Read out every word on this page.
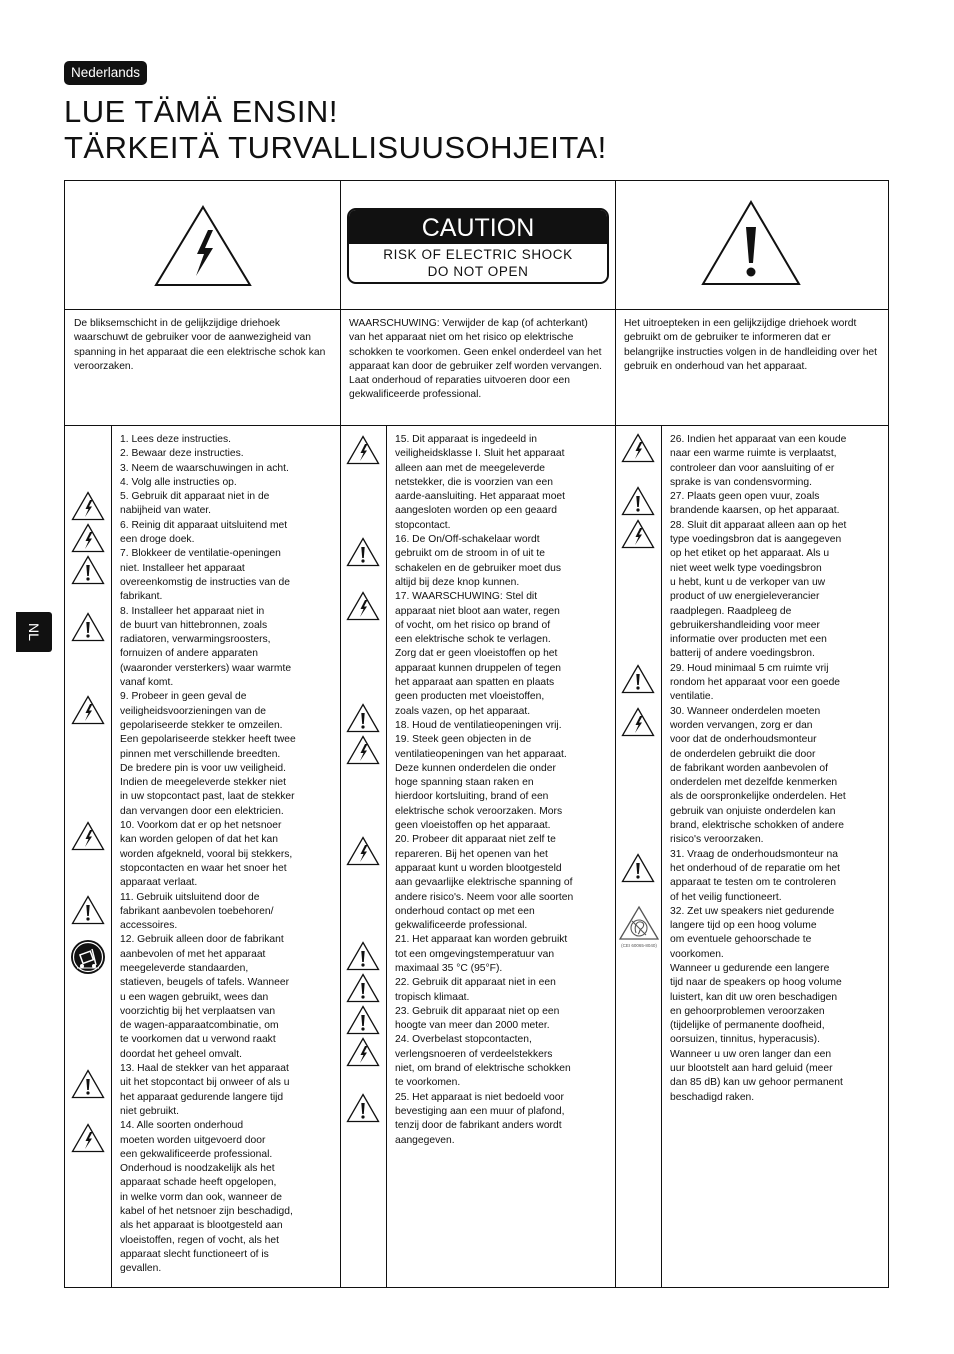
Nederlands
LUE TÄMÄ ENSIN!
TÄRKEITÄ TURVALLISUUSOHJEITA!
NL
CAUTION
RISK OF ELECTRIC SHOCK
DO NOT OPEN
De bliksemschicht in de gelijkzijdige driehoek waarschuwt de gebruiker voor de aanwezigheid van spanning in het apparaat die een elektrische schok kan veroorzaken.
WAARSCHUWING: Verwijder de kap (of achterkant) van het apparaat niet om het risico op elektrische schokken te voorkomen. Geen enkel onderdeel van het apparaat kan door de gebruiker zelf worden vervangen. Laat onderhoud of reparaties uitvoeren door een gekwalificeerde professional.
Het uitroepteken in een gelijkzijdige driehoek wordt gebruikt om de gebruiker te informeren dat er belangrijke instructies volgen in de handleiding over het gebruik en onderhoud van het apparaat.
1. Lees deze instructies.
2. Bewaar deze instructies.
3. Neem de waarschuwingen in acht.
4. Volg alle instructies op.
5. Gebruik dit apparaat niet in de
nabijheid van water.
6. Reinig dit apparaat uitsluitend met
een droge doek.
7. Blokkeer de ventilatie-openingen
niet. Installeer het apparaat
overeenkomstig de instructies van de
fabrikant.
8. Installeer het apparaat niet in
de buurt van hittebronnen, zoals
radiatoren, verwarmingsroosters,
fornuizen of andere apparaten
(waaronder versterkers) waar warmte
vanaf komt.
9. Probeer in geen geval de
veiligheidsvoorzieningen van de
gepolariseerde stekker te omzeilen.
Een gepolariseerde stekker heeft twee
pinnen met verschillende breedten.
De bredere pin is voor uw veiligheid.
Indien de meegeleverde stekker niet
in uw stopcontact past, laat de stekker
dan vervangen door een elektricien.
10. Voorkom dat er op het netsnoer
kan worden gelopen of dat het kan
worden afgeknеld, vooral bij stekkers,
stopcontacten en waar het snoer het
apparaat verlaat.
11. Gebruik uitsluitend door de
fabrikant aanbevolen toebehoren/
accessoires.
12. Gebruik alleen door de fabrikant
aanbevolen of met het apparaat
meegeleverde standaarden,
statieven, beugels of tafels. Wanneer
u een wagen gebruikt, wees dan
voorzichtig bij het verplaatsen van
de wagen-apparaatcombinatie, om
te voorkomen dat u verwond raakt
doordat het geheel omvalt.
13. Haal de stekker van het apparaat
uit het stopcontact bij onweer of als u
het apparaat gedurende langere tijd
niet gebruikt.
14. Alle soorten onderhoud
moeten worden uitgevoerd door
een gekwalificeerde professional.
Onderhoud is noodzakelijk als het
apparaat schade heeft opgelopen,
in welke vorm dan ook, wanneer de
kabel of het netsnoer zijn beschadigd,
als het apparaat is blootgesteld aan
vloeistoffen, regen of vocht, als het
apparaat slecht functioneert of is
gevallen.
15. Dit apparaat is ingedeeld in
veiligheidsklasse I. Sluit het apparaat
alleen aan met de meegeleverde
netstekker, die is voorzien van een
aarde-aansluiting. Het apparaat moet
aangesloten worden op een geaard
stopcontact.
16. De On/Off-schakelaar wordt
gebruikt om de stroom in of uit te
schakelen en de gebruiker moet dus
altijd bij deze knop kunnen.
17. WAARSCHUWING: Stel dit
apparaat niet bloot aan water, regen
of vocht, om het risico op brand of
een elektrische schok te verlagen.
Zorg dat er geen vloeistoffen op het
apparaat kunnen druppelen of tegen
het apparaat aan spatten en plaats
geen producten met vloeistoffen,
zoals vazen, op het apparaat.
18. Houd de ventilatieopeningen vrij.
19. Steek geen objecten in de
ventilatieopeningen van het apparaat.
Deze kunnen onderdelen die onder
hoge spanning staan raken en
hierdoor kortsluiting, brand of een
elektrische schok veroorzaken. Mors
geen vloeistoffen op het apparaat.
20. Probeer dit apparaat niet zelf te
repareren. Bij het openen van het
apparaat kunt u worden blootgesteld
aan gevaarlijke elektrische spanning of
andere risico's. Neem voor alle soorten
onderhoud contact op met een
gekwalificeerde professional.
21. Het apparaat kan worden gebruikt
tot een omgevingstemperatuur van
maximaal 35 °C (95°F).
22. Gebruik dit apparaat niet in een
tropisch klimaat.
23. Gebruik dit apparaat niet op een
hoogte van meer dan 2000 meter.
24. Overbelast stopcontacten,
verlengsnoeren of verdeelstekkers
niet, om brand of elektrische schokken
te voorkomen.
25. Het apparaat is niet bedoeld voor
bevestiging aan een muur of plafond,
tenzij door de fabrikant anders wordt
aangegeven.
26. Indien het apparaat van een koude
naar een warme ruimte is verplaatst,
controleer dan voor aansluiting of er
sprake is van condensvorming.
27. Plaats geen open vuur, zoals
brandende kaarsen, op het apparaat.
28. Sluit dit apparaat alleen aan op het
type voedingsbron dat is aangegeven
op het etiket op het apparaat. Als u
niet weet welk type voedingsbron
u hebt, kunt u de verkoper van uw
product of uw energieleverancier
raadplegen. Raadpleeg de
gebruikershandleiding voor meer
informatie over producten met een
batterij of andere voedingsbron.
29. Houd minimaal 5 cm ruimte vrij
rondom het apparaat voor een goede
ventilatie.
30. Wanneer onderdelen moeten
worden vervangen, zorg er dan
voor dat de onderhoudsmonteur
de onderdelen gebruikt die door
de fabrikant worden aanbevolen of
onderdelen met dezelfde kenmerken
als de oorspronkelijke onderdelen. Het
gebruik van onjuiste onderdelen kan
brand, elektrische schokken of andere
risico's veroorzaken.
31. Vraag de onderhoudsmonteur na
het onderhoud of de reparatie om het
apparaat te testen om te controleren
of het veilig functioneert.
32. Zet uw speakers niet gedurende
langere tijd op een hoog volume
om eventuele gehoorschade te
voorkomen.
Wanneer u gedurende een langere
tijd naar de speakers op hoog volume
luistert, kan dit uw oren beschadigen
en gehoorproblemen veroorzaken
(tijdelijke of permanente doofheid,
oorsuizen, tinnitus, hyperacusis).
Wanneer u uw oren langer dan een
uur blootstelt aan hard geluid (meer
dan 85 dB) kan uw gehoor permanent
beschadigd raken.
(CEI 60065-8040)
